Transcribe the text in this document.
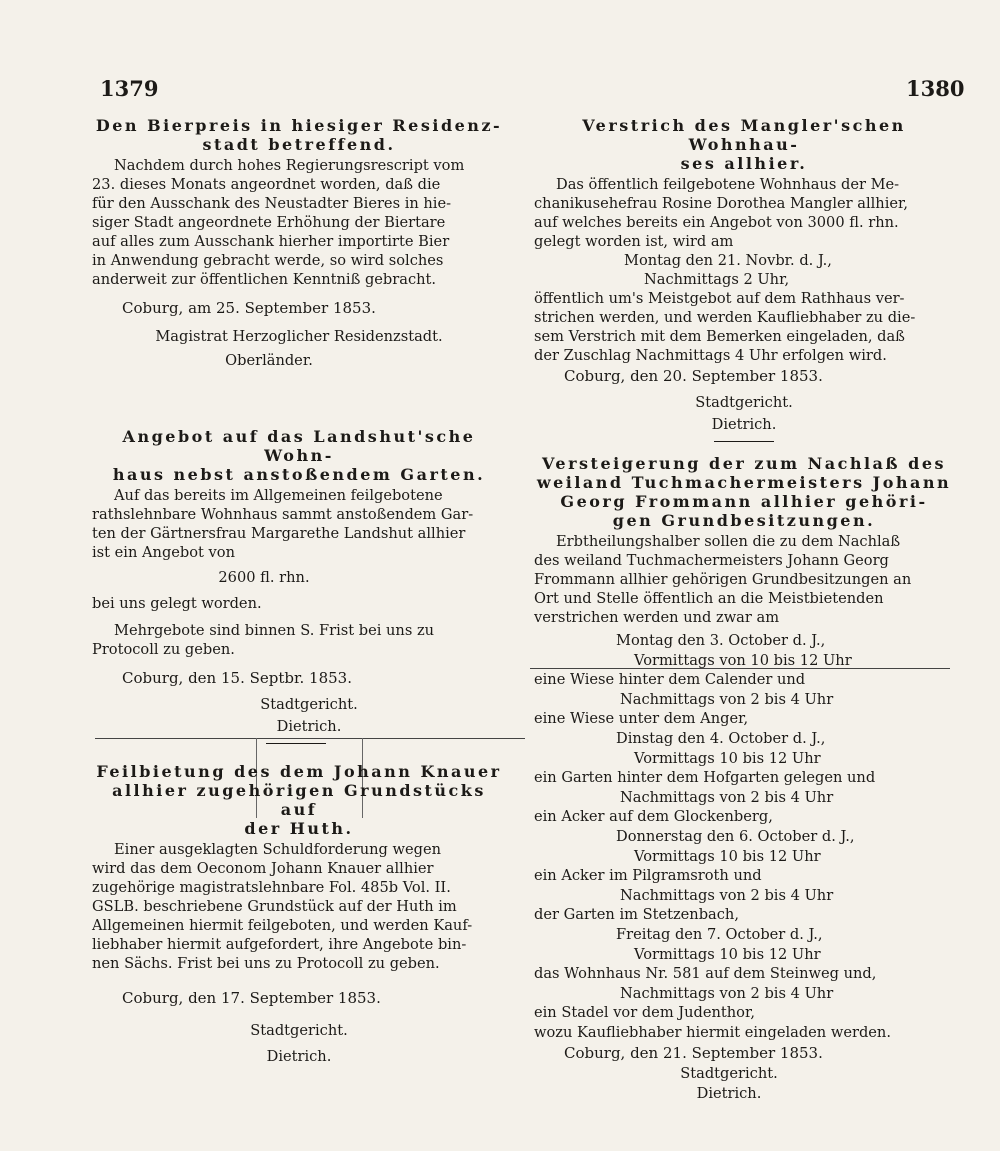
1379	1380
Den Bierpreis in hiesiger Residenz-
stadt betreffend.
Nachdem durch hohes Regierungsrescript vom
23. dieses Monats angeordnet worden, daß die
für den Ausschank des Neustadter Bieres in hie-
siger Stadt angeordnete Erhöhung der Biertare
auf alles zum Ausschank hierher importirte Bier
in Anwendung gebracht werde, so wird solches
anderweit zur öffentlichen Kenntniß gebracht.
Coburg, am 25. September 1853.
Magistrat Herzoglicher Residenzstadt.
Oberländer.
Angebot auf das Landshut'sche Wohn-
haus nebst anstoßendem Garten.
Auf das bereits im Allgemeinen feilgebotene
rathslehnbare Wohnhaus sammt anstoßendem Gar-
ten der Gärtnersfrau Margarethe Landshut allhier
ist ein Angebot von
2600 fl. rhn.
bei uns gelegt worden.
Mehrgebote sind binnen S. Frist bei uns zu
Protocoll zu geben.
Coburg, den 15. Septbr. 1853.
Stadtgericht.
Dietrich.
Feilbietung des dem Johann Knauer
allhier zugehörigen Grundstücks auf
der Huth.
Einer ausgeklagten Schuldforderung wegen
wird das dem Oeconom Johann Knauer allhier
zugehörige magistratslehnbare Fol. 485b Vol. II.
GSLB. beschriebene Grundstück auf der Huth im
Allgemeinen hiermit feilgeboten, und werden Kauf-
liebhaber hiermit aufgefordert, ihre Angebote bin-
nen Sächs. Frist bei uns zu Protocoll zu geben.
Coburg, den 17. September 1853.
Stadtgericht.
Dietrich.
Verstrich des Mangler'schen Wohnhau-
ses allhier.
Das öffentlich feilgebotene Wohnhaus der Me-
chanikusehefrau Rosine Dorothea Mangler allhier,
auf welches bereits ein Angebot von 3000 fl. rhn.
gelegt worden ist, wird am
Montag den 21. Novbr. d. J.,
Nachmittags 2 Uhr,
öffentlich um's Meistgebot auf dem Rathhaus ver-
strichen werden, und werden Kaufliebhaber zu die-
sem Verstrich mit dem Bemerken eingeladen, daß
der Zuschlag Nachmittags 4 Uhr erfolgen wird.
Coburg, den 20. September 1853.
Stadtgericht.
Dietrich.
Versteigerung der zum Nachlaß des
weiland Tuchmachermeisters Johann
Georg Frommann allhier gehöri-
gen Grundbesitzungen.
Erbtheilungshalber sollen die zu dem Nachlaß
des weiland Tuchmachermeisters Johann Georg
Frommann allhier gehörigen Grundbesitzungen an
Ort und Stelle öffentlich an die Meistbietenden
verstrichen werden und zwar am
Montag den 3. October d. J.,
Vormittags von 10 bis 12 Uhr
eine Wiese hinter dem Calender und
Nachmittags von 2 bis 4 Uhr
eine Wiese unter dem Anger,
Dinstag den 4. October d. J.,
Vormittags 10 bis 12 Uhr
ein Garten hinter dem Hofgarten gelegen und
Nachmittags von 2 bis 4 Uhr
ein Acker auf dem Glockenberg,
Donnerstag den 6. October d. J.,
Vormittags 10 bis 12 Uhr
ein Acker im Pilgramsroth und
Nachmittags von 2 bis 4 Uhr
der Garten im Stetzenbach,
Freitag den 7. October d. J.,
Vormittags 10 bis 12 Uhr
das Wohnhaus Nr. 581 auf dem Steinweg und,
Nachmittags von 2 bis 4 Uhr
ein Stadel vor dem Judenthor,
wozu Kaufliebhaber hiermit eingeladen werden.
Coburg, den 21. September 1853.
Stadtgericht.
Dietrich.
